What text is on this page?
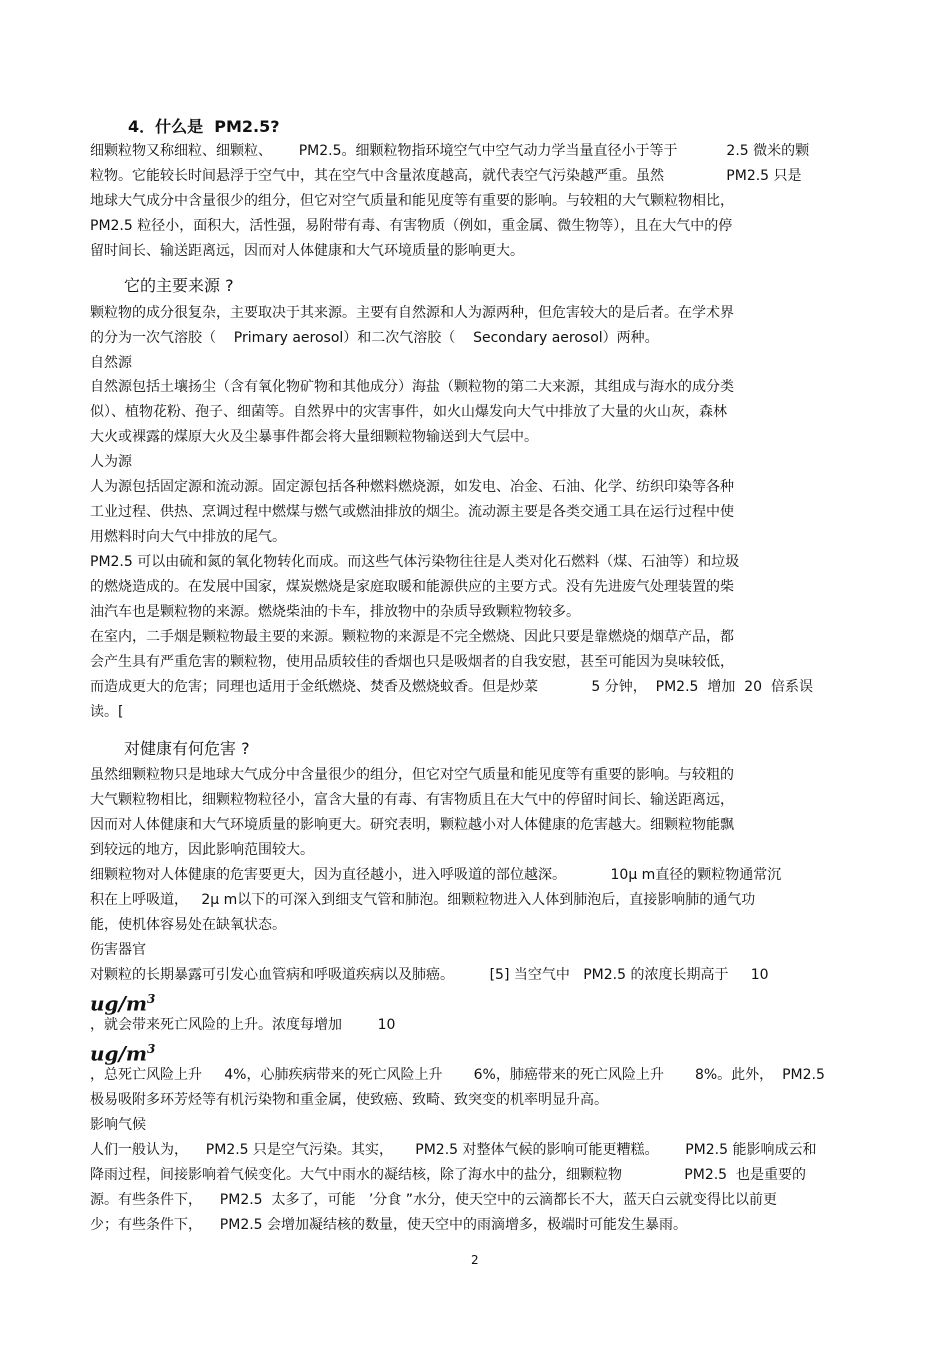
4．什么是  PM2.5?
细颗粒物又称细粒、细颗粒、      PM2.5。细颗粒物指环境空气中空气动力学当量直径小于等于           2.5 微米的颗
粒物。它能较长时间悬浮于空气中，其在空气中含量浓度越高，就代表空气污染越严重。虽然              PM2.5 只是
地球大气成分中含量很少的组分，但它对空气质量和能见度等有重要的影响。与较粗的大气颗粒物相比，
PM2.5 粒径小，面积大，活性强，易附带有毒、有害物质（例如，重金属、微生物等），且在大气中的停
留时间长、输送距离远，因而对人体健康和大气环境质量的影响更大。
它的主要来源 ?
颗粒物的成分很复杂，主要取决于其来源。主要有自然源和人为源两种，但危害较大的是后者。在学术界
的分为一次气溶胶（    Primary aerosol）和二次气溶胶（    Secondary aerosol）两种。
自然源
自然源包括土壤扬尘（含有氧化物矿物和其他成分）海盐（颗粒物的第二大来源，其组成与海水的成分类
似）、植物花粉、孢子、细菌等。自然界中的灾害事件，如火山爆发向大气中排放了大量的火山灰，森林
大火或裸露的煤原大火及尘暴事件都会将大量细颗粒物输送到大气层中。
人为源
人为源包括固定源和流动源。固定源包括各种燃料燃烧源，如发电、冶金、石油、化学、纺织印染等各种
工业过程、供热、烹调过程中燃煤与燃气或燃油排放的烟尘。流动源主要是各类交通工具在运行过程中使
用燃料时向大气中排放的尾气。
PM2.5 可以由硫和氮的氧化物转化而成。而这些气体污染物往往是人类对化石燃料（煤、石油等）和垃圾
的燃烧造成的。在发展中国家，煤炭燃烧是家庭取暖和能源供应的主要方式。没有先进废气处理装置的柴
油汽车也是颗粒物的来源。燃烧柴油的卡车，排放物中的杂质导致颗粒物较多。
在室内，二手烟是颗粒物最主要的来源。颗粒物的来源是不完全燃烧、因此只要是靠燃烧的烟草产品，都
会产生具有严重危害的颗粒物，使用品质较佳的香烟也只是吸烟者的自我安慰，甚至可能因为臭味较低，
而造成更大的危害；同理也适用于金纸燃烧、焚香及燃烧蚊香。但是炒菜            5 分钟，  PM2.5  增加  20  倍系误
读。[
对健康有何危害 ?
虽然细颗粒物只是地球大气成分中含量很少的组分，但它对空气质量和能见度等有重要的影响。与较粗的
大气颗粒物相比，细颗粒物粒径小，富含大量的有毒、有害物质且在大气中的停留时间长、输送距离远，
因而对人体健康和大气环境质量的影响更大。研究表明，颗粒越小对人体健康的危害越大。细颗粒物能飘
到较远的地方，因此影响范围较大。
细颗粒物对人体健康的危害要更大，因为直径越小，进入呼吸道的部位越深。          10μ m直径的颗粒物通常沉
积在上呼吸道，   2μ m以下的可深入到细支气管和肺泡。细颗粒物进入人体到肺泡后，直接影响肺的通气功
能，使机体容易处在缺氧状态。
伤害器官
对颗粒的长期暴露可引发心血管病和呼吸道疾病以及肺癌。        [5] 当空气中   PM2.5 的浓度长期高于     10
$ug/m^3$
，就会带来死亡风险的上升。浓度每增加        10
$ug/m^3$
，总死亡风险上升     4%，心肺疾病带来的死亡风险上升       6%，肺癌带来的死亡风险上升       8%。此外，  PM2.5
极易吸附多环芳烃等有机污染物和重金属，使致癌、致畸、致突变的机率明显升高。
影响气候
人们一般认为，    PM2.5 只是空气污染。其实，     PM2.5 对整体气候的影响可能更糟糕。      PM2.5 能影响成云和
降雨过程，间接影响着气候变化。大气中雨水的凝结核，除了海水中的盐分，细颗粒物              PM2.5  也是重要的
源。有些条件下，    PM2.5  太多了，可能   ’分食 ”水分，使天空中的云滴都长不大，蓝天白云就变得比以前更
少；有些条件下，    PM2.5 会增加凝结核的数量，使天空中的雨滴增多，极端时可能发生暴雨。
2
